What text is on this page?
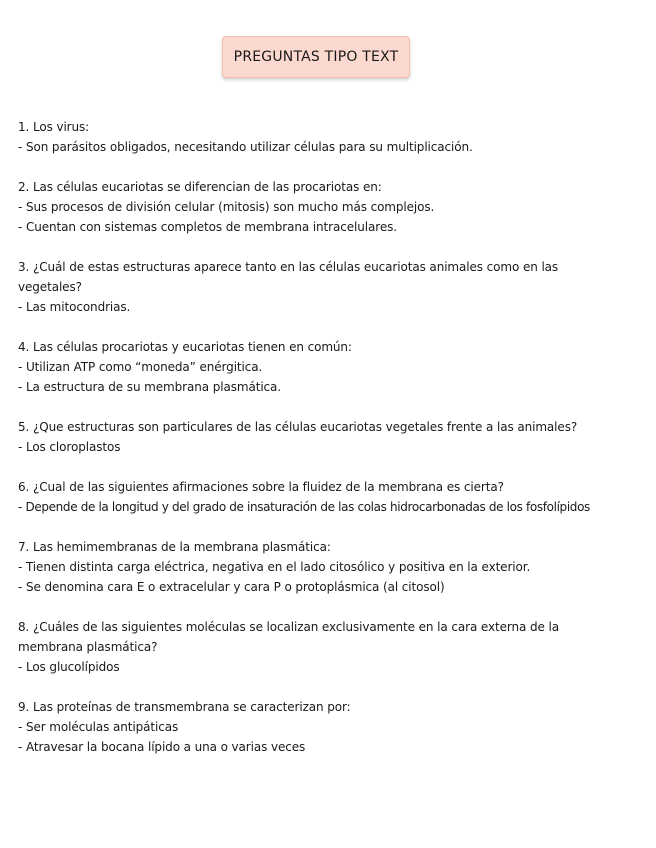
PREGUNTAS TIPO TEXT
1. Los virus:
- Son parásitos obligados, necesitando utilizar células para su multiplicación.
2. Las células eucariotas se diferencian de las procariotas en:
- Sus procesos de división celular (mitosis) son mucho más complejos.
- Cuentan con sistemas completos de membrana intracelulares.
3. ¿Cuál de estas estructuras aparece tanto en las células eucariotas animales como en las vegetales?
- Las mitocondrias.
4. Las células procariotas y eucariotas tienen en común:
- Utilizan ATP como “moneda” enérgitica.
- La estructura de su membrana plasmática.
5. ¿Que estructuras son particulares de las células eucariotas vegetales frente a las animales?
- Los cloroplastos
6. ¿Cual de las siguientes afirmaciones sobre la fluidez de la membrana es cierta?
- Depende de la longitud y del grado de insaturación de las colas hidrocarbonadas de los fosfolípidos
7. Las hemimembranas de la membrana plasmática:
- Tienen distinta carga eléctrica, negativa en el lado citosólico y positiva en la exterior.
- Se denomina cara E o extracelular y cara P o protoplásmica (al citosol)
8. ¿Cuáles de las siguientes moléculas se localizan exclusivamente en la cara externa de la membrana plasmática?
- Los glucolípidos
9. Las proteínas de transmembrana se caracterizan por:
- Ser moléculas antipáticas
- Atravesar la bocana lípido a una o varias veces
